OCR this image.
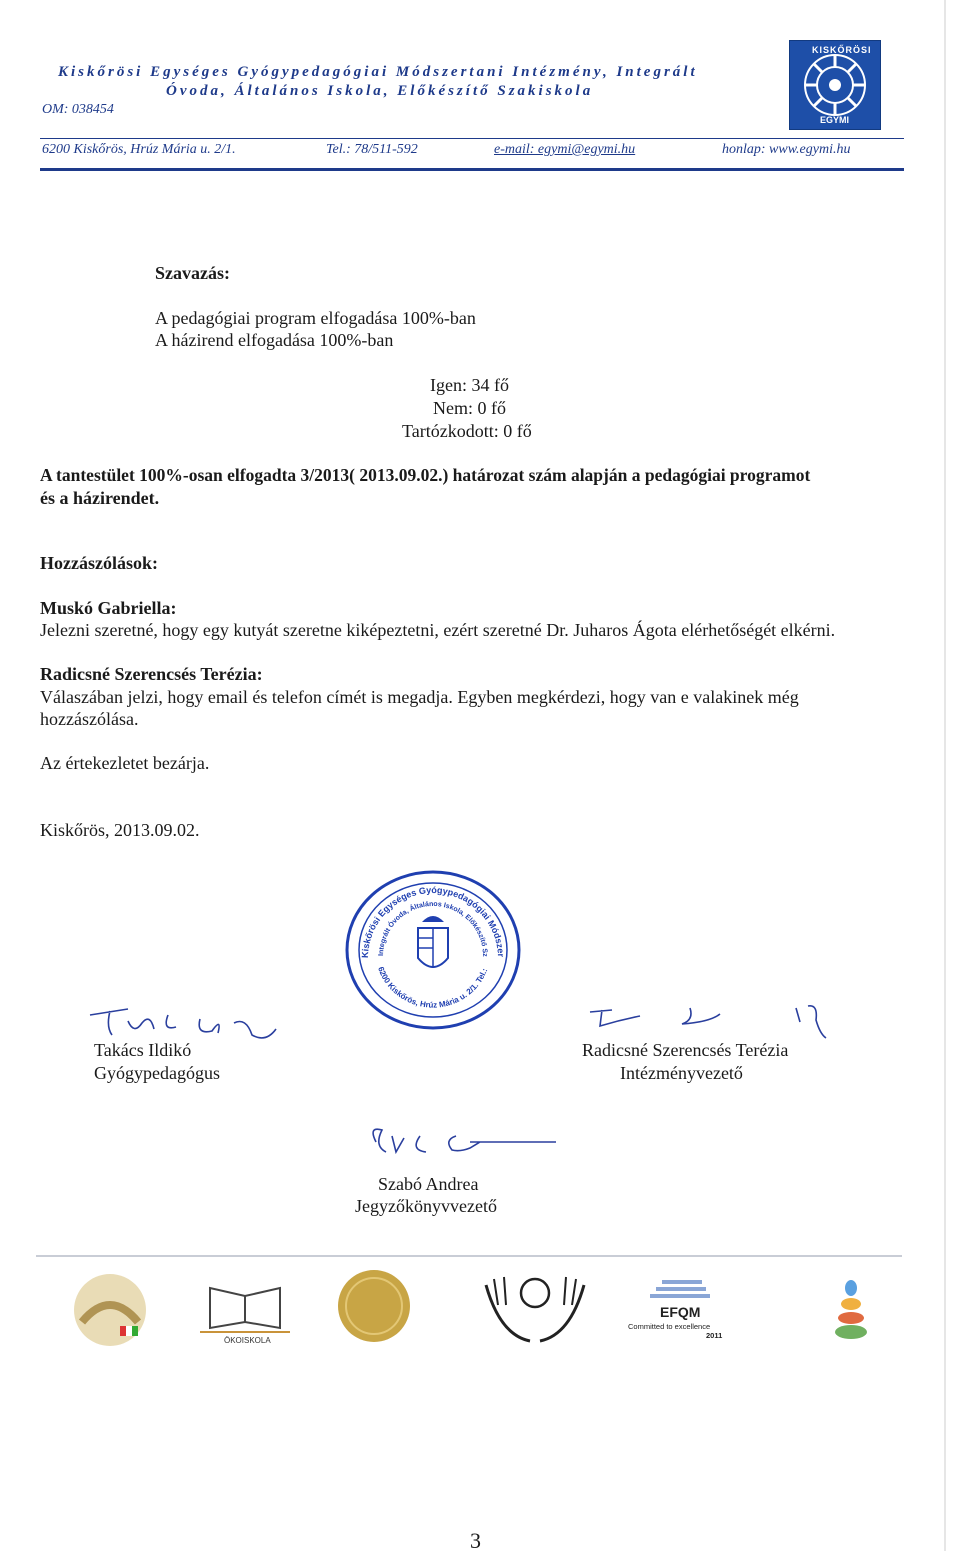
Kiskőrösi Egységes Gyógypedagógiai Módszertani Intézmény, Integrált
Óvoda, Általános Iskola, Előkészítő Szakiskola
OM: 038454
KISKŐRÖSI
EGYMI
6200 Kiskőrös, Hrúz Mária u. 2/1.	Tel.: 78/511-592	e-mail: egymi@egymi.hu	honlap: www.egymi.hu
Szavazás:
A pedagógiai program elfogadása 100%-ban
A házirend elfogadása 100%-ban
Igen: 34 fő
Nem: 0 fő
Tartózkodott: 0 fő
A tantestület 100%-osan elfogadta 3/2013( 2013.09.02.) határozat szám alapján a pedagógiai programot
és a házirendet.
Hozzászólások:
Muskó Gabriella:
Jelezni szeretné, hogy egy kutyát szeretne kiképeztetni, ezért szeretné Dr. Juharos Ágota elérhetőségét elkérni.
Radicsné Szerencsés Terézia:
Válaszában jelzi, hogy email és telefon címét is megadja. Egyben megkérdezi, hogy van e valakinek még
hozzászólása.
Az értekezletet bezárja.
Kiskőrös, 2013.09.02.
Kiskőrösi Egységes Gyógypedagógiai Módszer
Integrált Óvoda, Általános Iskola, Előkészítő Sz
6200 Kiskőrös, Hrúz Mária u. 2/1. Tel.:
Takács Ildikó
Gyógypedagógus
Radicsné Szerencsés Terézia
Intézményvezető
Szabó Andrea
Jegyzőkönyvvezető
ÖKOISKOLA
EFQM
Committed to excellence
2011
3
